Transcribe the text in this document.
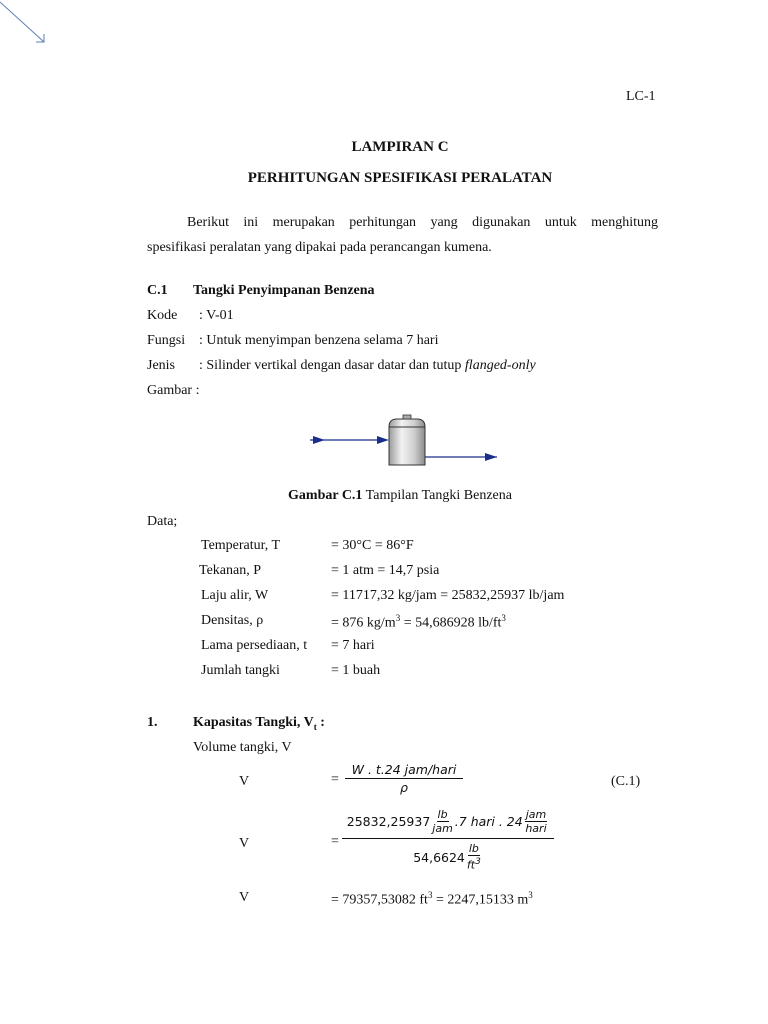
LC-1
LAMPIRAN C
PERHITUNGAN SPESIFIKASI PERALATAN
Berikut ini merupakan perhitungan yang digunakan untuk menghitung
spesifikasi peralatan yang dipakai pada perancangan kumena.
C.1 Tangki Penyimpanan Benzena
Kode : V-01
Fungsi : Untuk menyimpan benzena selama 7 hari
Jenis : Silinder vertikal dengan dasar datar dan tutup flanged-only
Gambar :
Gambar C.1 Tampilan Tangki Benzena
Data;
Temperatur, T	= 30°C = 86°F
Tekanan, P	= 1 atm = 14,7 psia
Laju alir, W	= 11717,32 kg/jam = 25832,25937 lb/jam
Densitas, ρ	= 876 $kg/m^3 = 54,686928$ $lb/ft^3$
Lama persediaan, t = 7 hari
Jumlah tangki	= 1 buah
1.	Kapasitas Tangki, $V_t$ :
Volume tangki, V
V	=
W . t.24 jam/hari
ρ	(C.1)
V	=
$25832,25937 \frac{lb}{\text{jam}} .7$ hari . $24 \frac{\text{jam}}{\text{hari}}$
$54,6624 \frac{lb}{ft^3}$
V	= 79357,53082 $ft^3 = 2247,15133$ $m^3$
